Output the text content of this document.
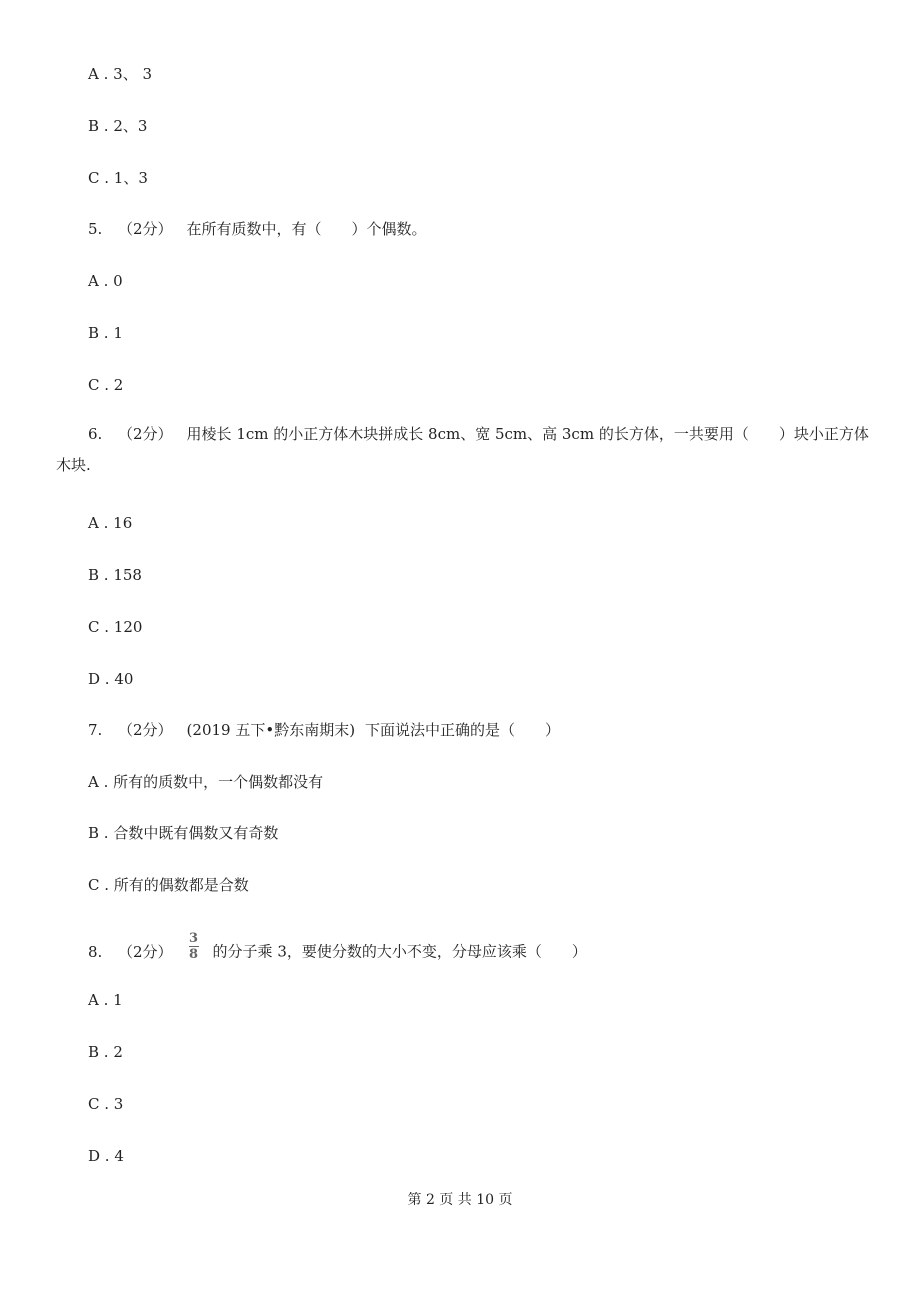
A . 3、 3
B . 2、3
C . 1、3
5. （2分） 在所有质数中，有（　　）个偶数。
A . 0
B . 1
C . 2
6. （2分） 用棱长 1cm 的小正方体木块拼成长 8cm、宽 5cm、高 3cm 的长方体，一共要用（　　）块小正方体
木块.
A . 16
B . 158
C . 120
D . 40
7. （2分） (2019 五下•黔东南期末) 下面说法中正确的是（　　）
A . 所有的质数中，一个偶数都没有
B . 合数中既有偶数又有奇数
C . 所有的偶数都是合数
8. （2分） $\frac{3}{8}$ 的分子乘 3，要使分数的大小不变，分母应该乘（　　）
A . 1
B . 2
C . 3
D . 4
第 2 页 共 10 页
